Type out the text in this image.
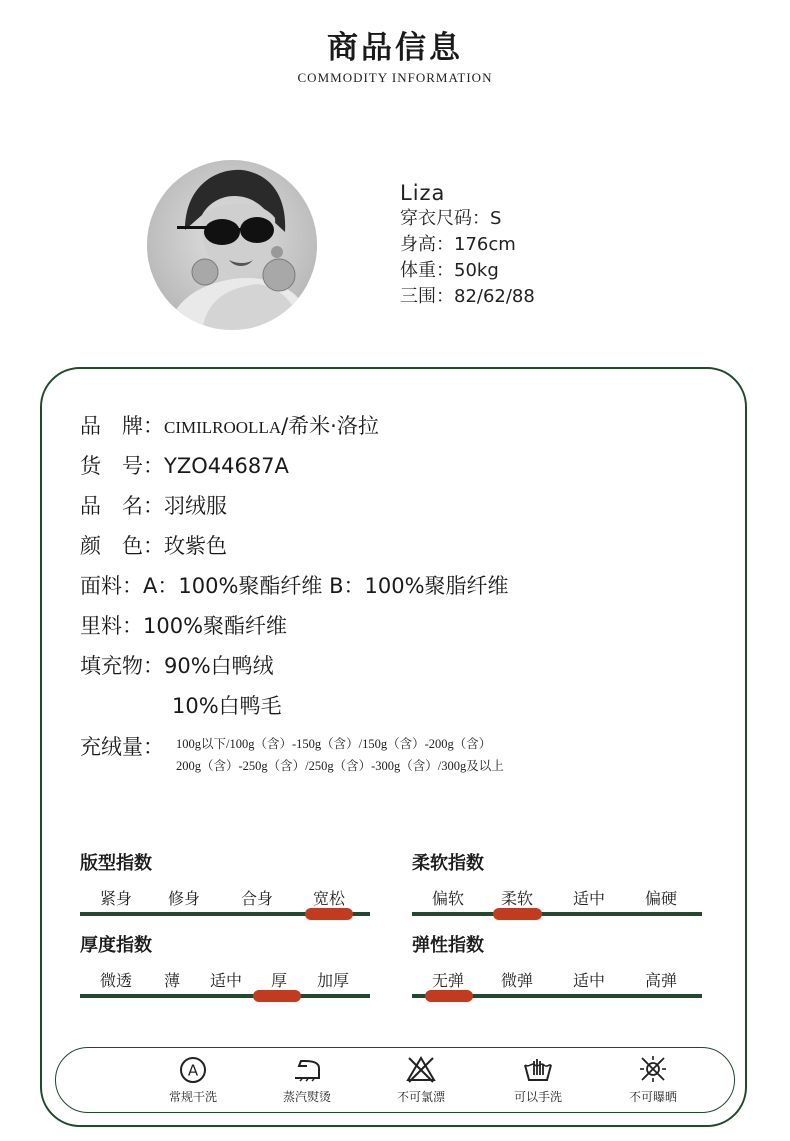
商品信息
COMMODITY INFORMATION
Liza
穿衣尺码：S
身高：176cm
体重：50kg
三围：82/62/88
品　牌：CIMILROOLLA/希米·洛拉
货　号：YZO44687A
品　名：羽绒服
颜　色：玫紫色
面料：A：100%聚酯纤维 B：100%聚脂纤维
里料：100%聚酯纤维
填充物：90%白鸭绒
10%白鸭毛
充绒量： 100g以下/100g（含）-150g（含）/150g（含）-200g（含）
200g（含）-250g（含）/250g（含）-300g（含）/300g及以上
版型指数
紧身 修身	合身 宽松
柔软指数
偏软 柔软 适中 偏硬
厚度指数
微透 薄 适中 厚 加厚
弹性指数
无弹 微弹 适中 高弹
A
常规干洗	蒸汽熨烫	不可氯漂	可以手洗	不可曝晒
